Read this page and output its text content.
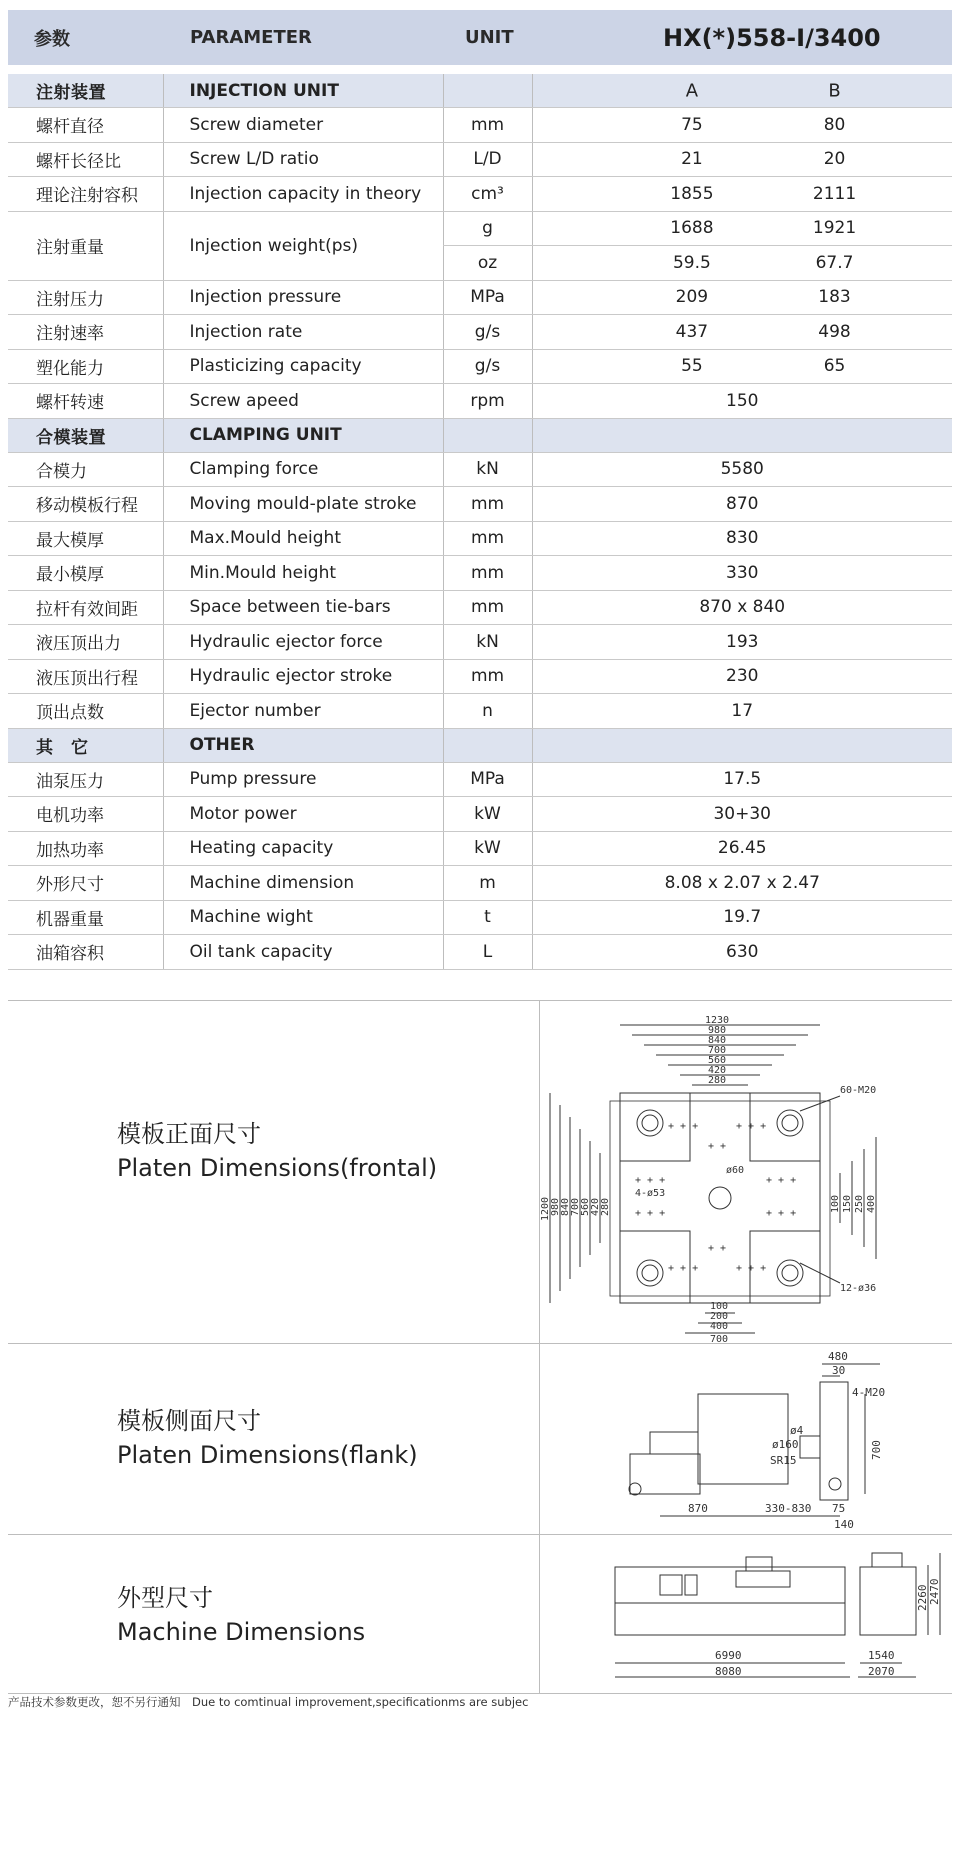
参数	PARAMETER	UNIT	HX(*)558-Ⅰ/3400
注射装置	INJECTION UNIT		A B

螺杆直径	Screw diameter	mm	75 80

螺杆长径比	Screw L/D ratio	L/D	21 20

理论注射容积	Injection capacity in theory	cm³	1855 2111

注射重量	Injection weight(ps)	g	1688 1921

		oz	59.5 67.7

注射压力	Injection pressure	MPa	209 183

注射速率	Injection rate	g/s	437 498

塑化能力	Plasticizing capacity	g/s	55 65

螺杆转速	Screw apeed	rpm	150
合模装置	CLAMPING UNIT		
合模力	Clamping force	kN	5580
移动模板行程	Moving mould-plate stroke	mm	870
最大模厚	Max.Mould height	mm	830
最小模厚	Min.Mould height	mm	330
拉杆有效间距	Space between tie-bars	mm	870 x 840
液压顶出力	Hydraulic ejector force	kN	193
液压顶出行程	Hydraulic ejector stroke	mm	230
顶出点数	Ejector number	n	17
其　它	OTHER		
油泵压力	Pump pressure	MPa	17.5
电机功率	Motor power	kW	30+30
加热功率	Heating capacity	kW	26.45
外形尺寸	Machine dimension	m	8.08 x 2.07 x 2.47
机器重量	Machine wight	t	19.7
油箱容积	Oil tank capacity	L	630
模板正面尺寸
Platen Dimensions(frontal)
+ + +	+ + +
+ + +	+ + +
+ + +	+ + +
+ + +	+ + +
+ +
+ +
1230
980
840
700
560
420
280
1200 980 840 700 560 420 280	100 150 250 400
100
200
400
700
60-M20
12-ø36
4-ø53
ø60
模板侧面尺寸
Platen Dimensions(flank)
480
30
4-M20
ø4
ø160
SR15
700
870	330-830 75
140
外型尺寸
Machine Dimensions
6990
8080
1540
2070
2260 2470
产品技术参数更改，恕不另行通知　Due to comtinual improvement,specificationms are subjec
